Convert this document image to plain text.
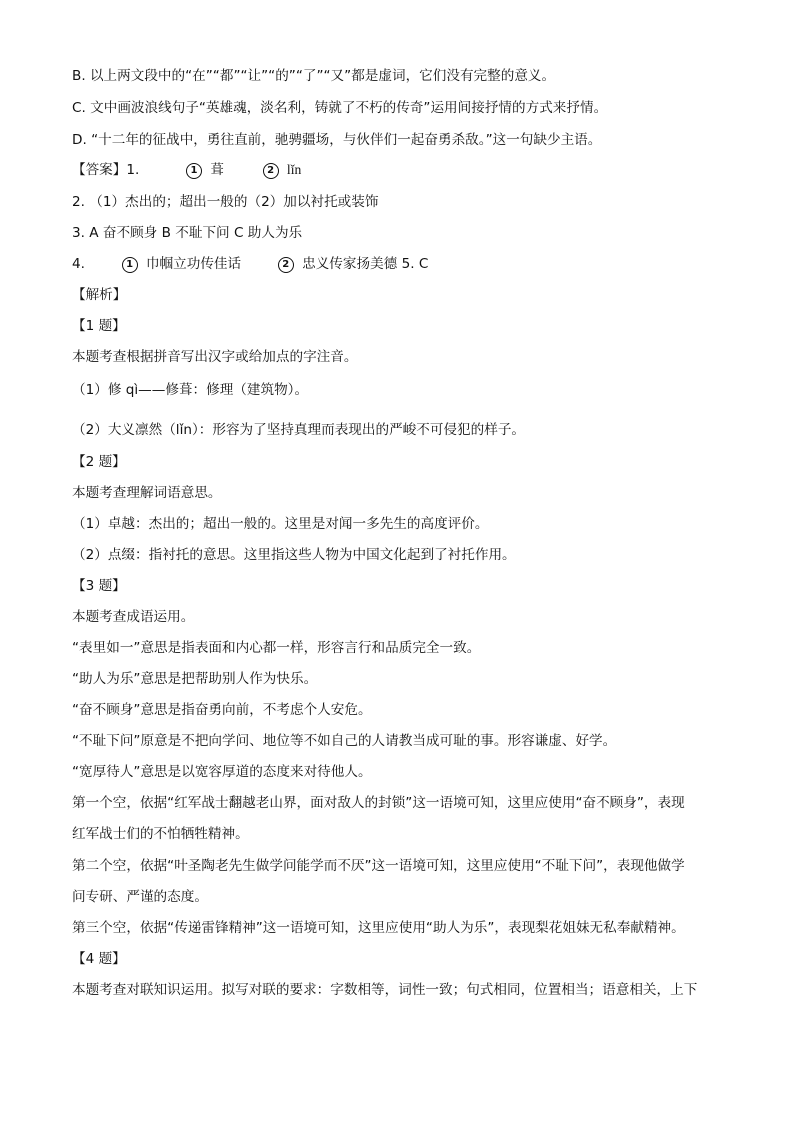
B. 以上两文段中的“在”“都”“让”“的”“了”“又”都是虚词，它们没有完整的意义。
C. 文中画波浪线句子“英雄魂，淡名利，铸就了不朽的传奇”运用间接抒情的方式来抒情。
D. “十二年的征战中，勇往直前，驰骋疆场，与伙伴们一起奋勇杀敌。”这一句缺少主语。
【答案】1.	1 葺	2 lǐn
2. （1）杰出的；超出一般的（2）加以衬托或装饰
3. A 奋不顾身 B 不耻下问 C 助人为乐
4.	1 巾帼立功传佳话	2 忠义传家扬美德 5. C
【解析】
【1 题】
本题考查根据拼音写出汉字或给加点的字注音。
（1）修 qì——修葺：修理（建筑物）。
（2）大义凛然（lǐn）：形容为了坚持真理而表现出的严峻不可侵犯的样子。
【2 题】
本题考查理解词语意思。
（1）卓越：杰出的；超出一般的。这里是对闻一多先生的高度评价。
（2）点缀：指衬托的意思。这里指这些人物为中国文化起到了衬托作用。
【3 题】
本题考查成语运用。
“表里如一”意思是指表面和内心都一样，形容言行和品质完全一致。
“助人为乐”意思是把帮助别人作为快乐。
“奋不顾身”意思是指奋勇向前，不考虑个人安危。
“不耻下问”原意是不把向学问、地位等不如自己的人请教当成可耻的事。形容谦虚、好学。
“宽厚待人”意思是以宽容厚道的态度来对待他人。
第一个空，依据“红军战士翻越老山界，面对敌人的封锁”这一语境可知，这里应使用“奋不顾身”，表现
红军战士们的不怕牺牲精神。
第二个空，依据“叶圣陶老先生做学问能学而不厌”这一语境可知，这里应使用“不耻下问”，表现他做学
问专研、严谨的态度。
第三个空，依据“传递雷锋精神”这一语境可知，这里应使用“助人为乐”，表现梨花姐妹无私奉献精神。
【4 题】
本题考查对联知识运用。拟写对联的要求：字数相等，词性一致；句式相同，位置相当；语意相关，上下
